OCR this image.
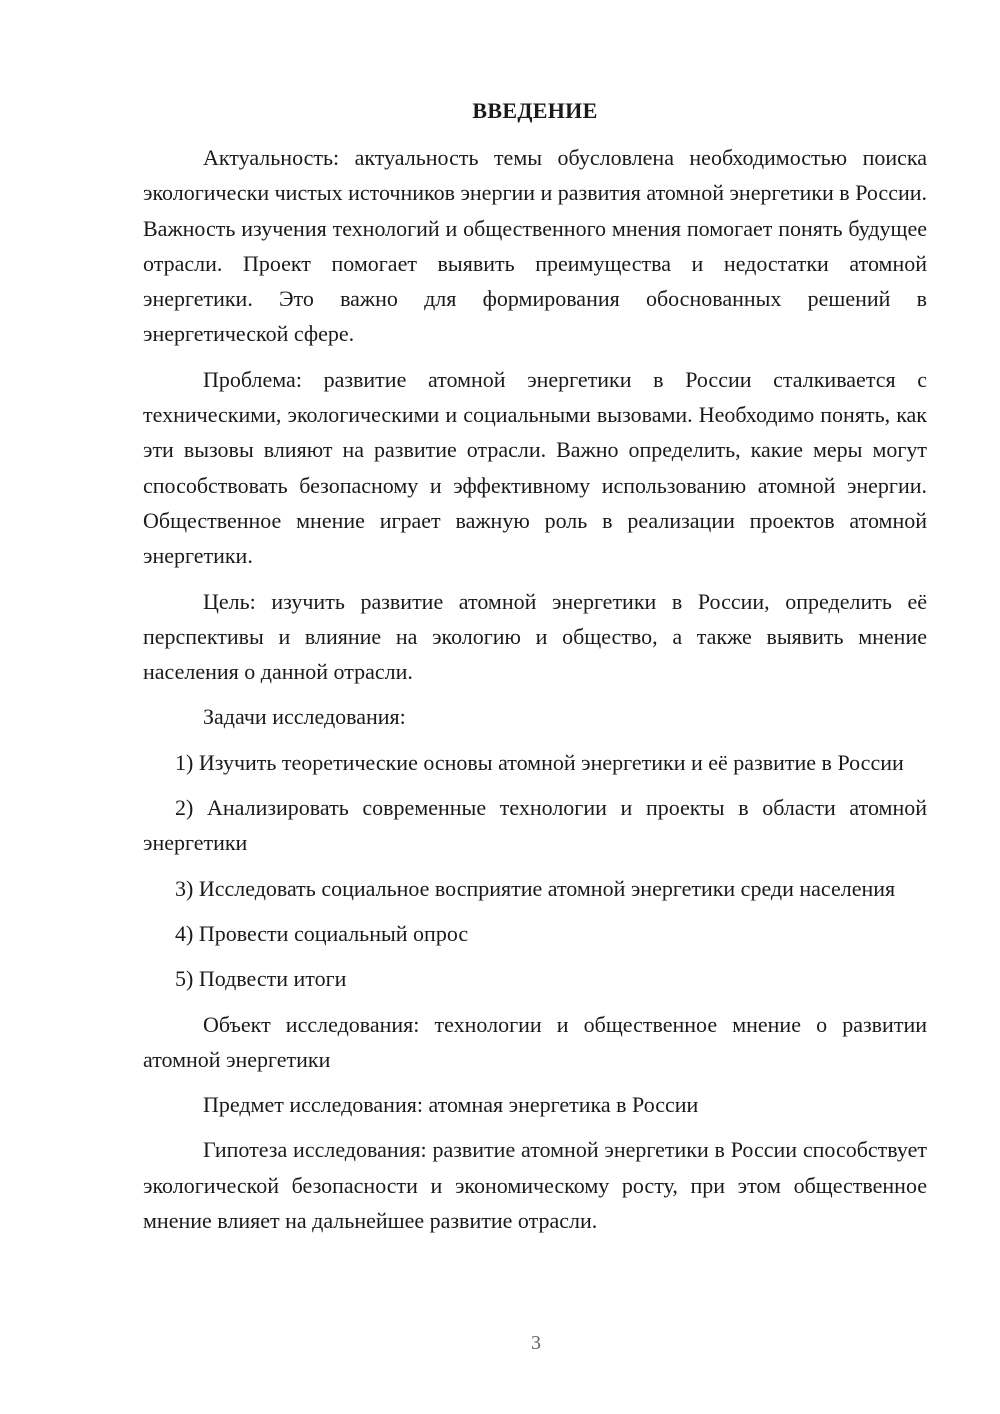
ВВЕДЕНИЕ

Актуальность: актуальность темы обусловлена необходимостью поиска экологически чистых источников энергии и развития атомной энергетики в России. Важность изучения технологий и общественного мнения помогает понять будущее отрасли. Проект помогает выявить преимущества и недостатки атомной энергетики. Это важно для формирования обоснованных решений в энергетической сфере.

Проблема: развитие атомной энергетики в России сталкивается с техническими, экологическими и социальными вызовами. Необходимо понять, как эти вызовы влияют на развитие отрасли. Важно определить, какие меры могут способствовать безопасному и эффективному использованию атомной энергии. Общественное мнение играет важную роль в реализации проектов атомной энергетики.

Цель: изучить развитие атомной энергетики в России, определить её перспективы и влияние на экологию и общество, а также выявить мнение населения о данной отрасли.

Задачи исследования:

1) Изучить теоретические основы атомной энергетики и её развитие в России

2) Анализировать современные технологии и проекты в области атомной энергетики

3) Исследовать социальное восприятие атомной энергетики среди населения

4) Провести социальный опрос

5) Подвести итоги

Объект исследования: технологии и общественное мнение о развитии атомной энергетики

Предмет исследования: атомная энергетика в России

Гипотеза исследования: развитие атомной энергетики в России способствует экологической безопасности и экономическому росту, при этом общественное мнение влияет на дальнейшее развитие отрасли.

3
